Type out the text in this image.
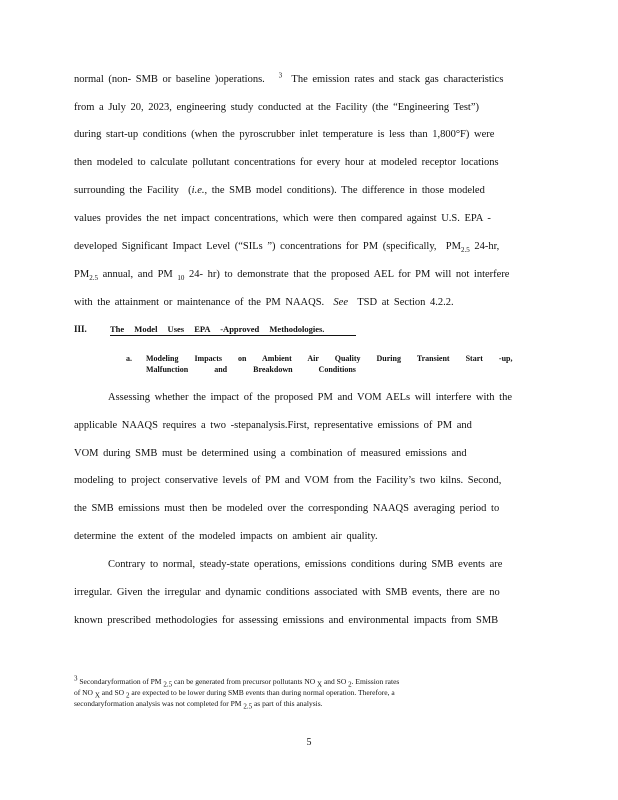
normal (non- SMB or baseline )operations. $^3$ The emission rates and stack gas characteristics
from a July 20, 2023, engineering study conducted at the Facility (the “Engineering Test”)
during start-up conditions (when the pyroscrubber inlet temperature is less than 1,800°F) were
then modeled to calculate pollutant concentrations for every hour at modeled receptor locations
surrounding the Facility  (i.e., the SMB model conditions). The difference in those modeled
values provides the net impact concentrations, which were then compared against U.S. EPA -
developed Significant Impact Level (“SILs ”) concentrations for PM (specifically, $PM_{2.5}$ 24-hr,
$PM_{2.5}$ annual, and PM $_{10}$ 24- hr) to demonstrate that the proposed AEL for PM will not interfere
with the attainment or maintenance of the PM NAAQS. See TSD at Section 4.2.2.
III.	The Model Uses EPA -Approved Methodologies.
a. Modeling Impacts on Ambient Air Quality During Transient Start -up,
Malfunction and Breakdown Conditions
Assessing whether the impact of the proposed PM and VOM AELs will interfere with the
applicable NAAQS requires a two -stepanalysis.First, representative emissions of PM and
VOM during SMB must be determined using a combination of measured emissions and
modeling to project conservative levels of PM and VOM from the Facility’s two kilns. Second,
the SMB emissions must then be modeled over the corresponding NAAQS averaging period to
determine the extent of the modeled impacts on ambient air quality.
Contrary to normal, steady-state operations, emissions conditions during SMB events are
irregular. Given the irregular and dynamic conditions associated with SMB events, there are no
known prescribed methodologies for assessing emissions and environmental impacts from SMB
3 Secondaryformation of PM 2.5 can be generated from precursor pollutants NO X and SO 2. Emission rates
of NO X and SO 2 are expected to be lower during SMB events than during normal operation. Therefore, a
secondaryformation analysis was not completed for PM 2.5 as part of this analysis.
5
